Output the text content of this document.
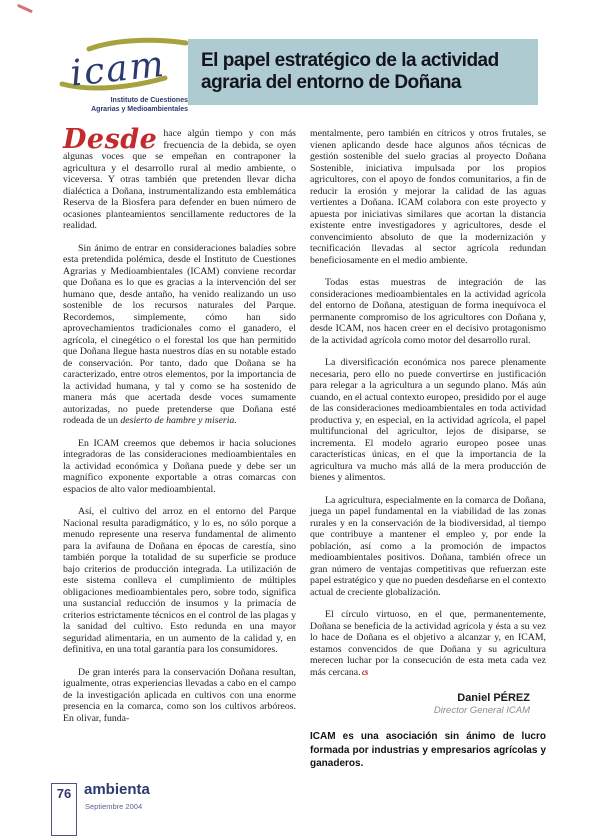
icam
Instituto de Cuestiones
Agrarias y Medioambientales
El papel estratégico de la actividad
agraria del entorno de Doñana

Desde hace algún tiempo y con más frecuencia de la debida, se oyen algunas voces que se empeñan en contraponer la agricultura y el desarrollo rural al medio ambiente, o viceversa. Y otras también que pretenden llevar dicha dialéctica a Doñana, instrumentalizando esta emblemática Reserva de la Biosfera para defender en buen número de ocasiones planteamientos sencillamente reductores de la realidad.

Sin ánimo de entrar en consideraciones baladíes sobre esta pretendida polémica, desde el Instituto de Cuestiones Agrarias y Medioambientales (ICAM) conviene recordar que Doñana es lo que es gracias a la intervención del ser humano que, desde antaño, ha venido realizando un uso sostenible de los recursos naturales del Parque. Recordemos, simplemente, cómo han sido aprovechamientos tradicionales como el ganadero, el agrícola, el cinegético o el forestal los que han permitido que Doñana llegue hasta nuestros días en su notable estado de conservación. Por tanto, dado que Doñana se ha caracterizado, entre otros elementos, por la importancia de la actividad humana, y tal y como se ha sostenido de manera más que acertada desde voces sumamente autorizadas, no puede pretenderse que Doñana esté rodeada de un desierto de hambre y miseria.

En ICAM creemos que debemos ir hacia soluciones integradoras de las consideraciones medioambientales en la actividad económica y Doñana puede y debe ser un magnífico exponente exportable a otras comarcas con espacios de alto valor medioambiental.

Así, el cultivo del arroz en el entorno del Parque Nacional resulta paradigmático, y lo es, no sólo porque a menudo represente una reserva fundamental de alimento para la avifauna de Doñana en épocas de carestía, sino también porque la totalidad de su superficie se produce bajo criterios de producción integrada. La utilización de este sistema conlleva el cumplimiento de múltiples obligaciones medioambientales pero, sobre todo, significa una sustancial reducción de insumos y la primacía de criterios estrictamente técnicos en el control de las plagas y la sanidad del cultivo. Esto redunda en una mayor seguridad alimentaria, en un aumento de la calidad y, en definitiva, en una total garantía para los consumidores.

De gran interés para la conservación Doñana resultan, igualmente, otras experiencias llevadas a cabo en el campo de la investigación aplicada en cultivos con una enorme presencia en la comarca, como son los cultivos arbóreos. En olivar, funda-

mentalmente, pero también en cítricos y otros frutales, se vienen aplicando desde hace algunos años técnicas de gestión sostenible del suelo gracias al proyecto Doñana Sostenible, iniciativa impulsada por los propios agricultores, con el apoyo de fondos comunitarios, a fin de reducir la erosión y mejorar la calidad de las aguas vertientes a Doñana. ICAM colabora con este proyecto y apuesta por iniciativas similares que acortan la distancia existente entre investigadores y agricultores, desde el convencimiento absoluto de que la modernización y tecnificación llevadas al sector agrícola redundan beneficiosamente en el medio ambiente.

Todas estas muestras de integración de las consideraciones medioambientales en la actividad agrícola del entorno de Doñana, atestiguan de forma inequívoca el permanente compromiso de los agricultores con Doñana y, desde ICAM, nos hacen creer en el decisivo protagonismo de la actividad agrícola como motor del desarrollo rural.

La diversificación económica nos parece plenamente necesaria, pero ello no puede convertirse en justificación para relegar a la agricultura a un segundo plano. Más aún cuando, en el actual contexto europeo, presidido por el auge de las consideraciones medioambientales en toda actividad productiva y, en especial, en la actividad agrícola, el papel multifuncional del agricultor, lejos de disiparse, se incrementa. El modelo agrario europeo posee unas características únicas, en el que la importancia de la agricultura va mucho más allá de la mera producción de bienes y alimentos.

La agricultura, especialmente en la comarca de Doñana, juega un papel fundamental en la viabilidad de las zonas rurales y en la conservación de la biodiversidad, al tiempo que contribuye a mantener el empleo y, por ende la población, así como a la promoción de impactos medioambientales positivos. Doñana, también ofrece un gran número de ventajas competitivas que refuerzan este papel estratégico y que no pueden desdeñarse en el contexto actual de creciente globalización.

El círculo virtuoso, en el que, permanentemente, Doñana se beneficia de la actividad agrícola y ésta a su vez lo hace de Doñana es el objetivo a alcanzar y, en ICAM, estamos convencidos de que Doñana y su agricultura merecen luchar por la consecución de esta meta cada vez más cercana. cs

Daniel PÉREZ
Director General ICAM
ICAM es una asociación sin ánimo de lucro formada por industrias y empresarios agrícolas y ganaderos.
76 ambienta
Septiembre 2004
